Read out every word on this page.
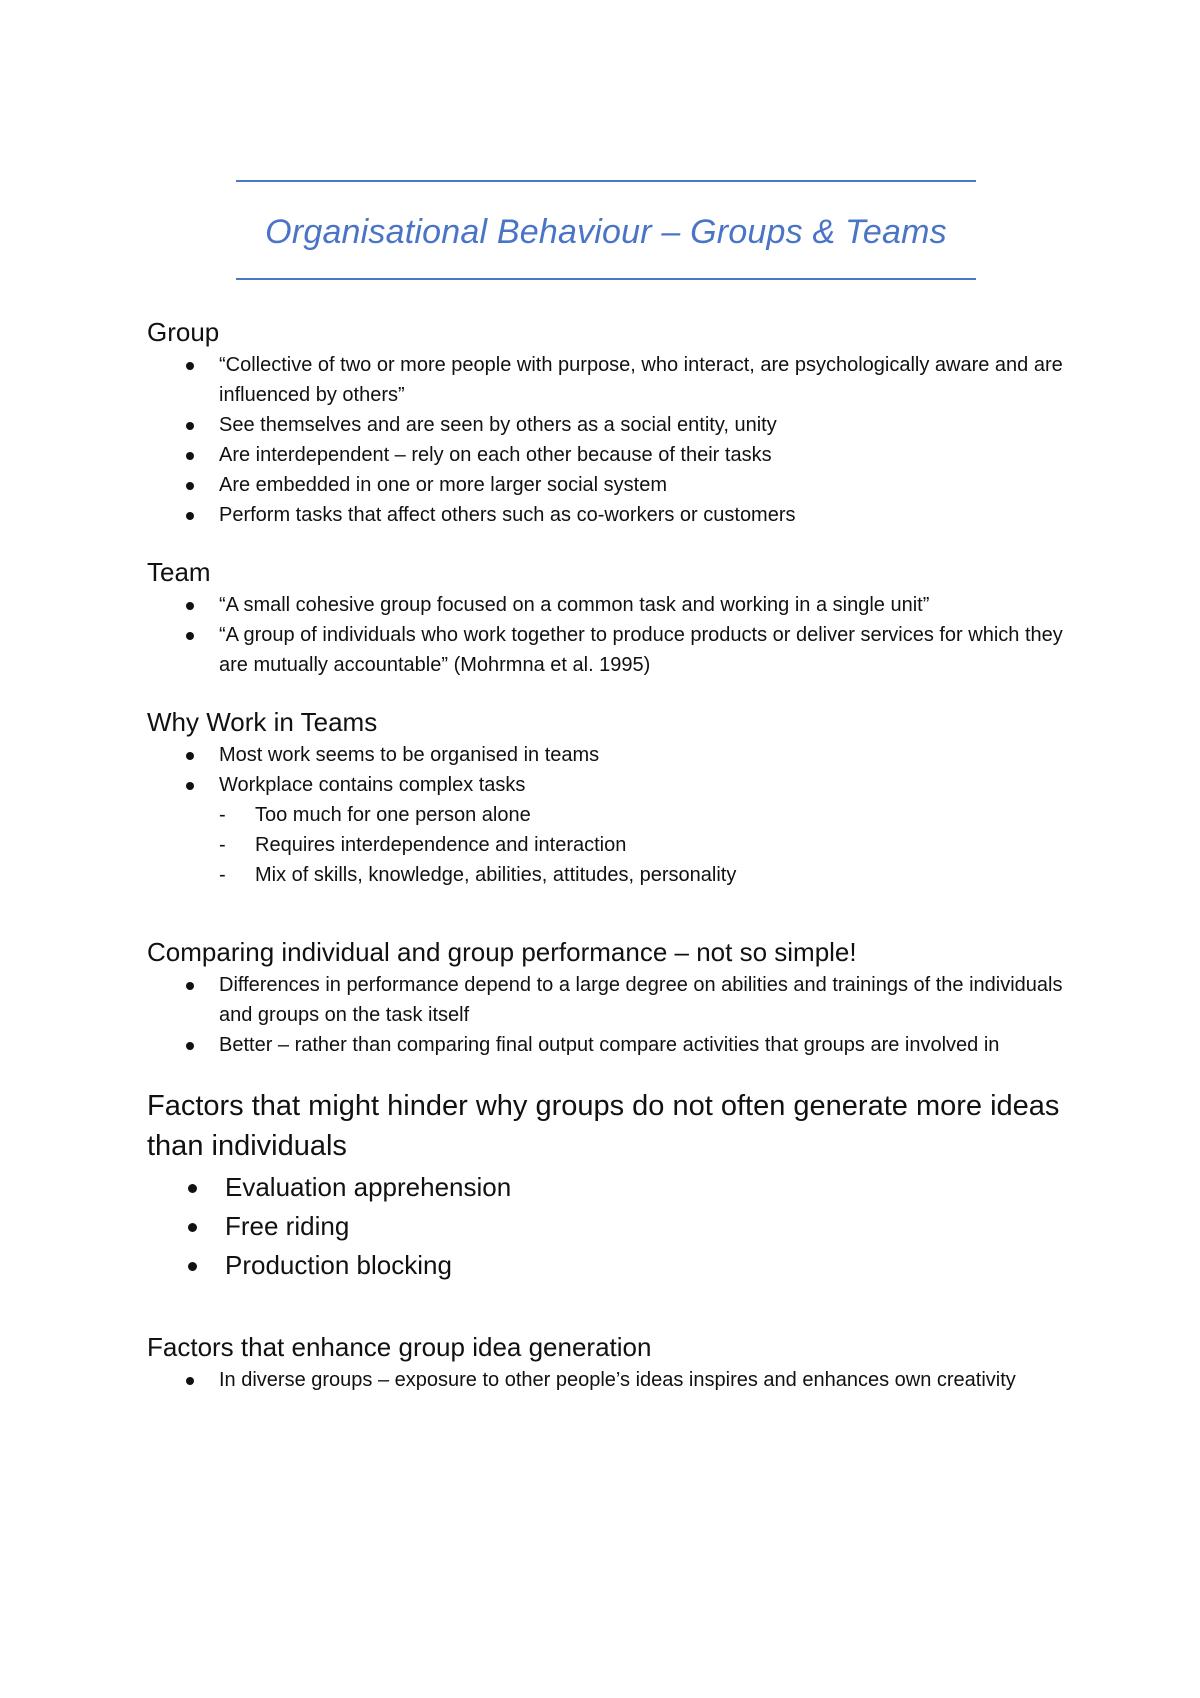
Organisational Behaviour – Groups & Teams
Group
“Collective of two or more people with purpose, who interact, are psychologically aware and are influenced by others”
See themselves and are seen by others as a social entity, unity
Are interdependent – rely on each other because of their tasks
Are embedded in one or more larger social system
Perform tasks that affect others such as co-workers or customers
Team
“A small cohesive group focused on a common task and working in a single unit”
“A group of individuals who work together to produce products or deliver services for which they are mutually accountable” (Mohrmna et al. 1995)
Why Work in Teams
Most work seems to be organised in teams
Workplace contains complex tasks
- Too much for one person alone
- Requires interdependence and interaction
- Mix of skills, knowledge, abilities, attitudes, personality
Comparing individual and group performance – not so simple!
Differences in performance depend to a large degree on abilities and trainings of the individuals and groups on the task itself
Better – rather than comparing final output compare activities that groups are involved in
Factors that might hinder why groups do not often generate more ideas than individuals
Evaluation apprehension
Free riding
Production blocking
Factors that enhance group idea generation
In diverse groups – exposure to other people’s ideas inspires and enhances own creativity
